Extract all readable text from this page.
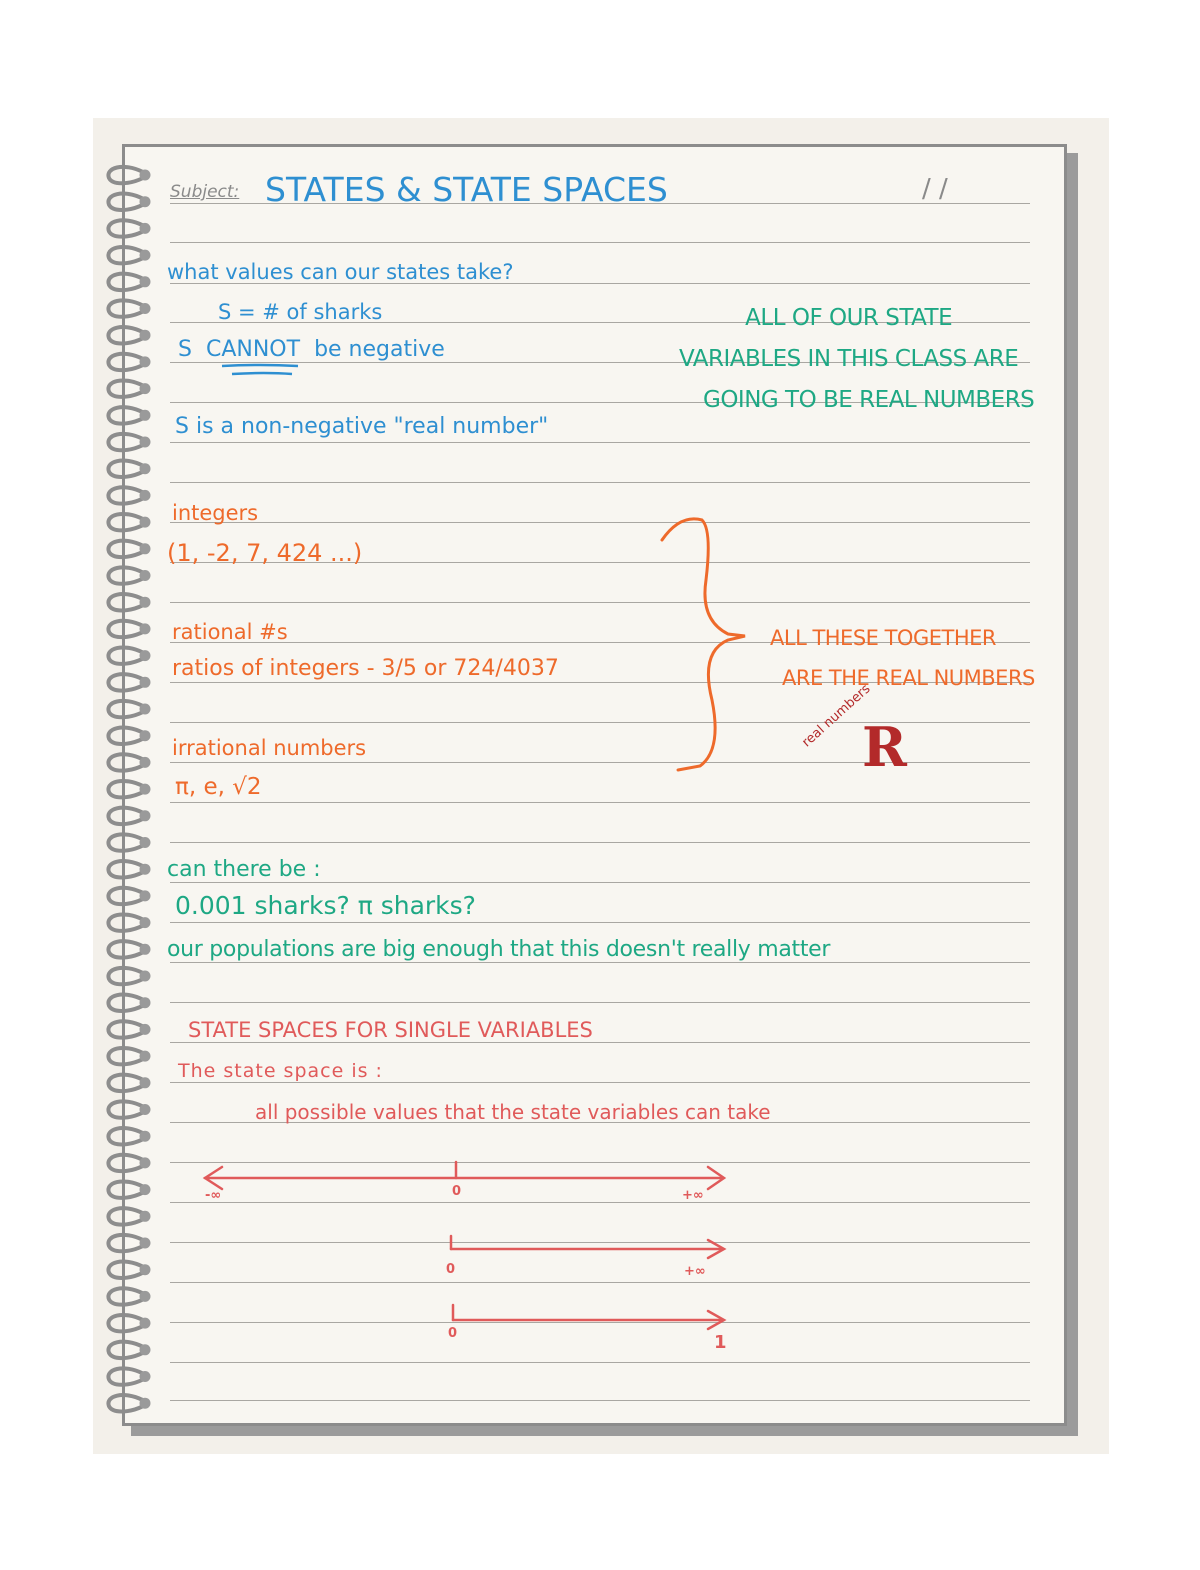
Subject: STATES & STATE SPACES	/ /
what values can our states take?
S = # of sharks
S CANNOT be negative
S is a non-negative "real number"
ALL OF OUR STATE
VARIABLES IN THIS CLASS ARE
GOING TO BE REAL NUMBERS
integers
(1, -2, 7, 424 ...)
rational #s
ratios of integers - 3/5 or 724/4037
irrational numbers
π, e, √2
ALL THESE TOGETHER
ARE THE REAL NUMBERS
R
real numbers
can there be :
0.001 sharks? π sharks?
our populations are big enough that this doesn't really matter
STATE SPACES FOR SINGLE VARIABLES
The state space is :
all possible values that the state variables can take
-∞	0	+∞
0	+∞
0	1
